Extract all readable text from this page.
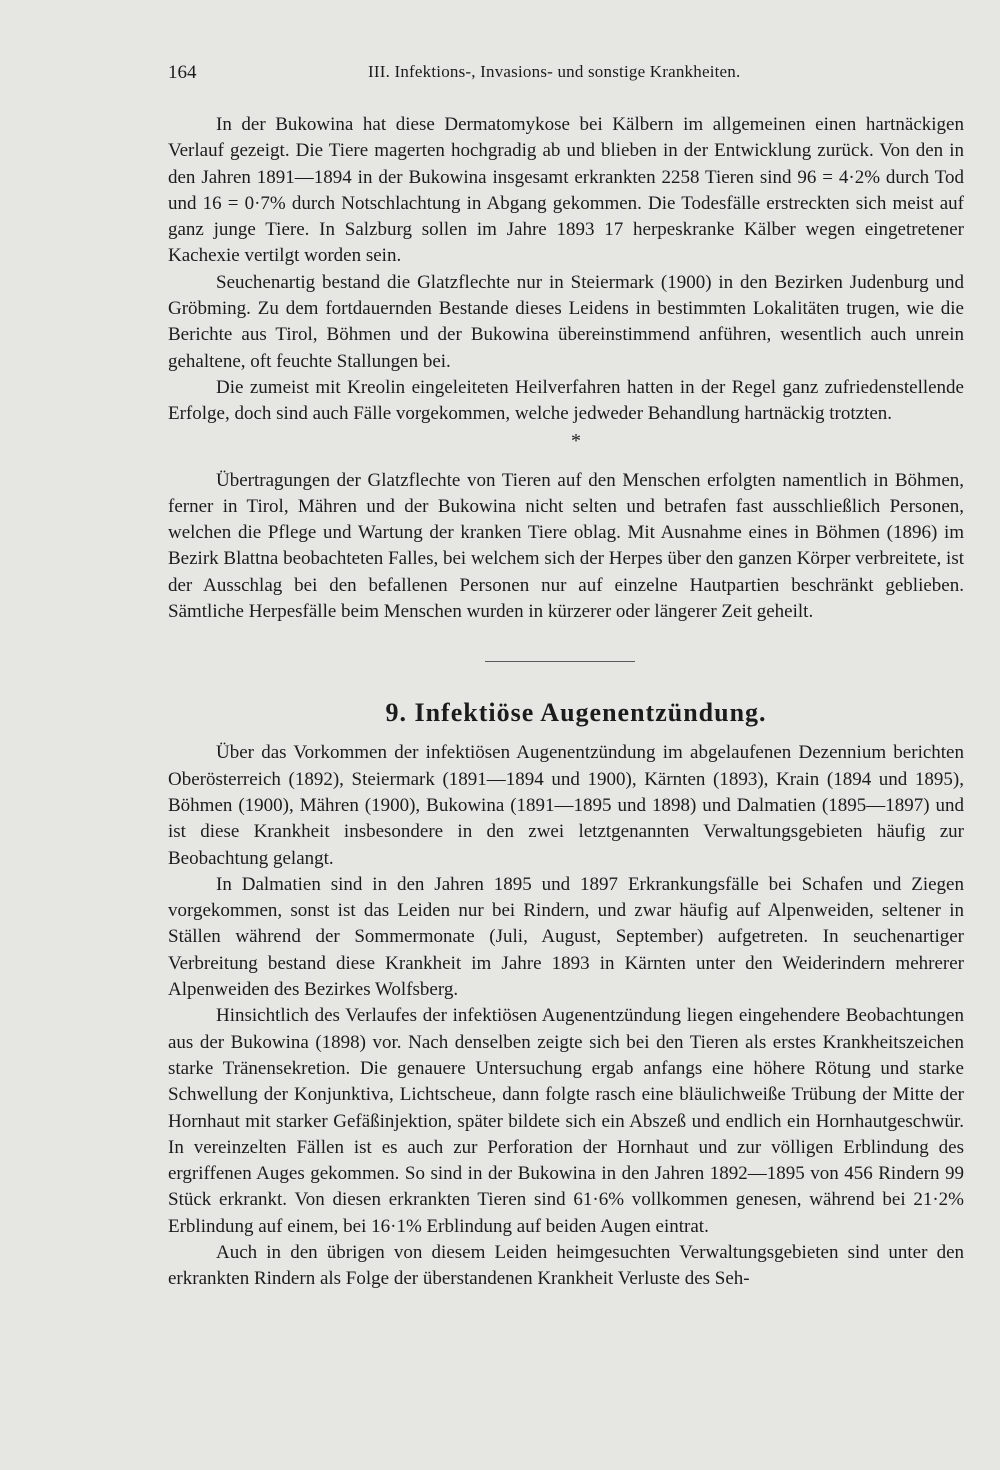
164	III. Infektions-, Invasions- und sonstige Krankheiten.

In der Bukowina hat diese Dermatomykose bei Kälbern im allgemeinen einen hartnäckigen Verlauf gezeigt. Die Tiere magerten hochgradig ab und blieben in der Entwicklung zurück. Von den in den Jahren 1891—1894 in der Bukowina insgesamt erkrankten 2258 Tieren sind 96 = 4·2% durch Tod und 16 = 0·7% durch Notschlachtung in Abgang gekommen. Die Todesfälle erstreckten sich meist auf ganz junge Tiere. In Salzburg sollen im Jahre 1893 17 herpeskranke Kälber wegen eingetretener Kachexie vertilgt worden sein.

Seuchenartig bestand die Glatzflechte nur in Steiermark (1900) in den Bezirken Judenburg und Gröbming. Zu dem fortdauernden Bestande dieses Leidens in bestimmten Lokalitäten trugen, wie die Berichte aus Tirol, Böhmen und der Bukowina übereinstimmend anführen, wesentlich auch unrein gehaltene, oft feuchte Stallungen bei.

Die zumeist mit Kreolin eingeleiteten Heilverfahren hatten in der Regel ganz zufriedenstellende Erfolge, doch sind auch Fälle vorgekommen, welche jedweder Behandlung hartnäckig trotzten.

*

Übertragungen der Glatzflechte von Tieren auf den Menschen erfolgten namentlich in Böhmen, ferner in Tirol, Mähren und der Bukowina nicht selten und betrafen fast ausschließlich Personen, welchen die Pflege und Wartung der kranken Tiere oblag. Mit Ausnahme eines in Böhmen (1896) im Bezirk Blattna beobachteten Falles, bei welchem sich der Herpes über den ganzen Körper verbreitete, ist der Ausschlag bei den befallenen Personen nur auf einzelne Hautpartien beschränkt geblieben. Sämtliche Herpesfälle beim Menschen wurden in kürzerer oder längerer Zeit geheilt.

9. Infektiöse Augenentzündung.

Über das Vorkommen der infektiösen Augenentzündung im abgelaufenen Dezennium berichten Oberösterreich (1892), Steiermark (1891—1894 und 1900), Kärnten (1893), Krain (1894 und 1895), Böhmen (1900), Mähren (1900), Bukowina (1891—1895 und 1898) und Dalmatien (1895—1897) und ist diese Krankheit insbesondere in den zwei letztgenannten Verwaltungsgebieten häufig zur Beobachtung gelangt.

In Dalmatien sind in den Jahren 1895 und 1897 Erkrankungsfälle bei Schafen und Ziegen vorgekommen, sonst ist das Leiden nur bei Rindern, und zwar häufig auf Alpenweiden, seltener in Ställen während der Sommermonate (Juli, August, September) aufgetreten. In seuchenartiger Verbreitung bestand diese Krankheit im Jahre 1893 in Kärnten unter den Weiderindern mehrerer Alpenweiden des Bezirkes Wolfsberg.

Hinsichtlich des Verlaufes der infektiösen Augenentzündung liegen eingehendere Beobachtungen aus der Bukowina (1898) vor. Nach denselben zeigte sich bei den Tieren als erstes Krankheitszeichen starke Tränensekretion. Die genauere Untersuchung ergab anfangs eine höhere Rötung und starke Schwellung der Konjunktiva, Lichtscheue, dann folgte rasch eine bläulichweiße Trübung der Mitte der Hornhaut mit starker Gefäßinjektion, später bildete sich ein Abszeß und endlich ein Hornhautgeschwür. In vereinzelten Fällen ist es auch zur Perforation der Hornhaut und zur völligen Erblindung des ergriffenen Auges gekommen. So sind in der Bukowina in den Jahren 1892—1895 von 456 Rindern 99 Stück erkrankt. Von diesen erkrankten Tieren sind 61·6% vollkommen genesen, während bei 21·2% Erblindung auf einem, bei 16·1% Erblindung auf beiden Augen eintrat.

Auch in den übrigen von diesem Leiden heimgesuchten Verwaltungsgebieten sind unter den erkrankten Rindern als Folge der überstandenen Krankheit Verluste des Seh-
